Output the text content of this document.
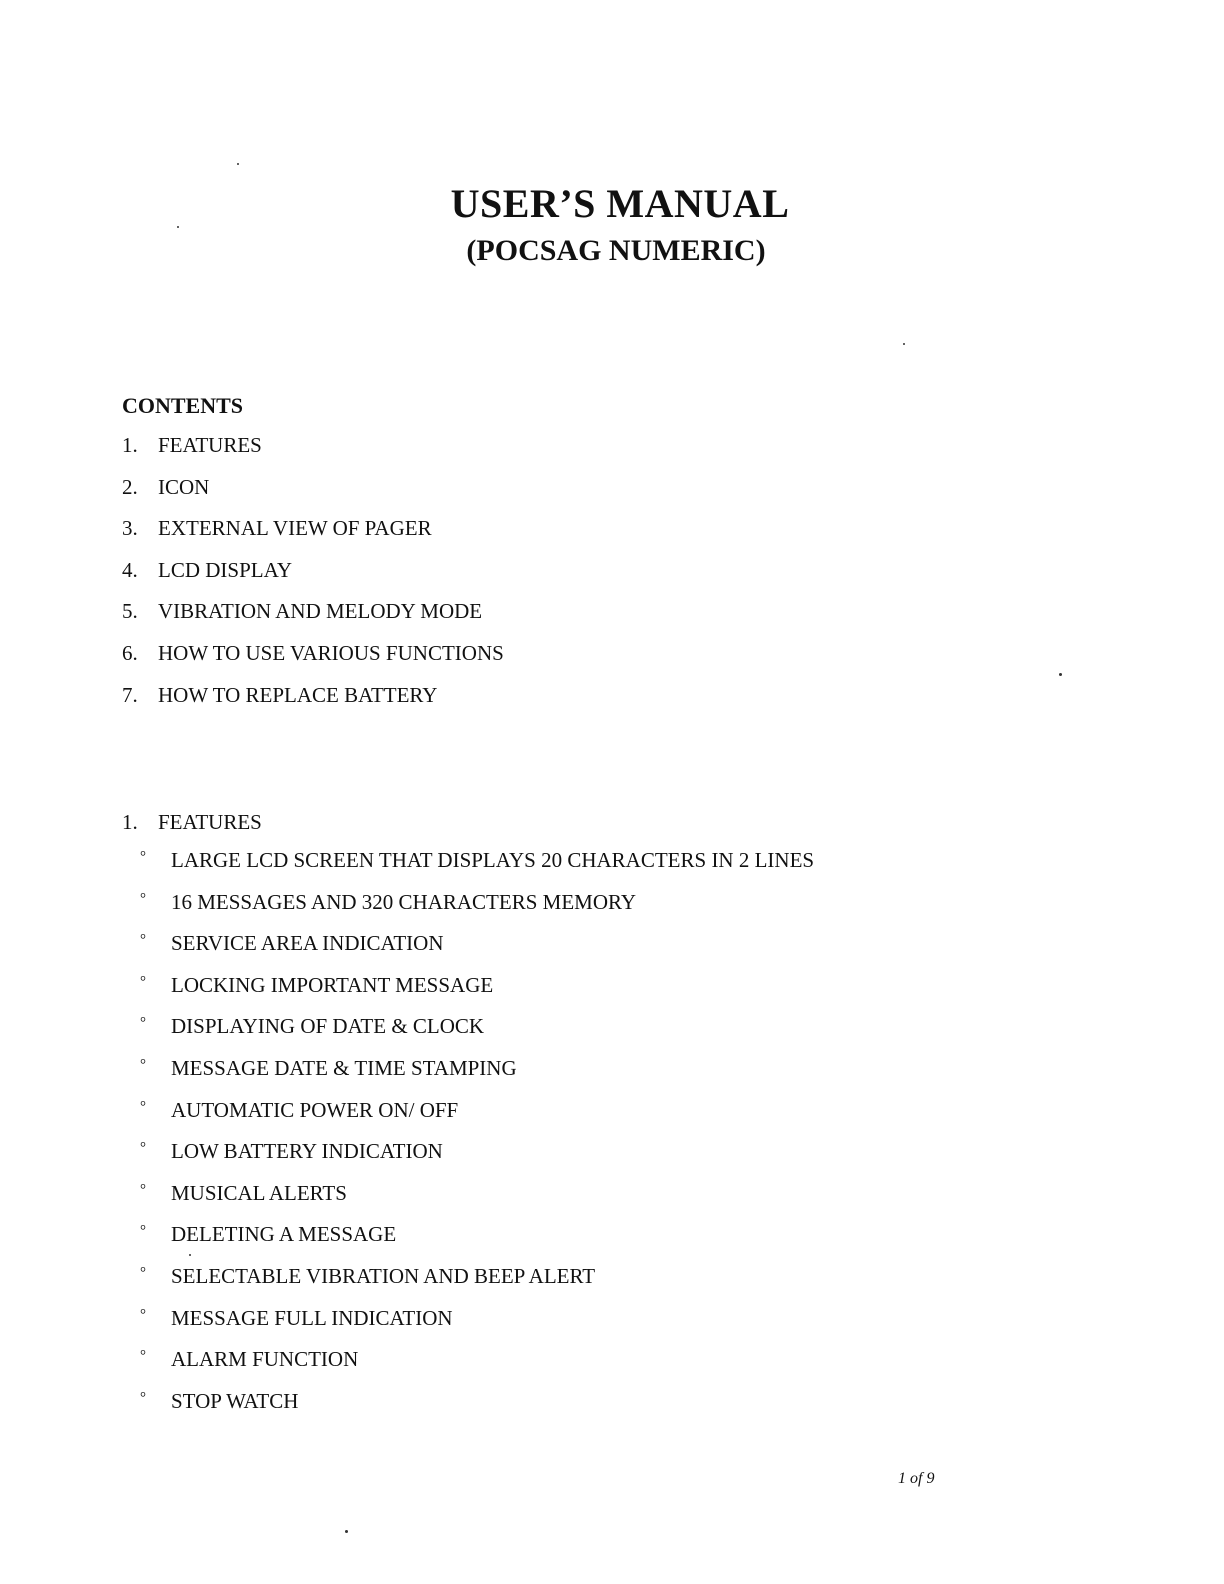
USER’S MANUAL
(POCSAG NUMERIC)
CONTENTS
1. FEATURES
2. ICON
3. EXTERNAL VIEW OF PAGER
4. LCD DISPLAY
5. VIBRATION AND MELODY MODE
6. HOW TO USE VARIOUS FUNCTIONS
7. HOW TO REPLACE BATTERY
1. FEATURES
°	LARGE LCD SCREEN THAT DISPLAYS 20 CHARACTERS IN 2 LINES
°	16 MESSAGES AND 320 CHARACTERS MEMORY
°	SERVICE AREA INDICATION
°	LOCKING IMPORTANT MESSAGE
°	DISPLAYING OF DATE & CLOCK
°	MESSAGE DATE & TIME STAMPING
°	AUTOMATIC POWER ON/ OFF
°	LOW BATTERY INDICATION
°	MUSICAL ALERTS
°	DELETING A MESSAGE
°	SELECTABLE VIBRATION AND BEEP ALERT
°	MESSAGE FULL INDICATION
°	ALARM FUNCTION
°	STOP WATCH
1 of 9
